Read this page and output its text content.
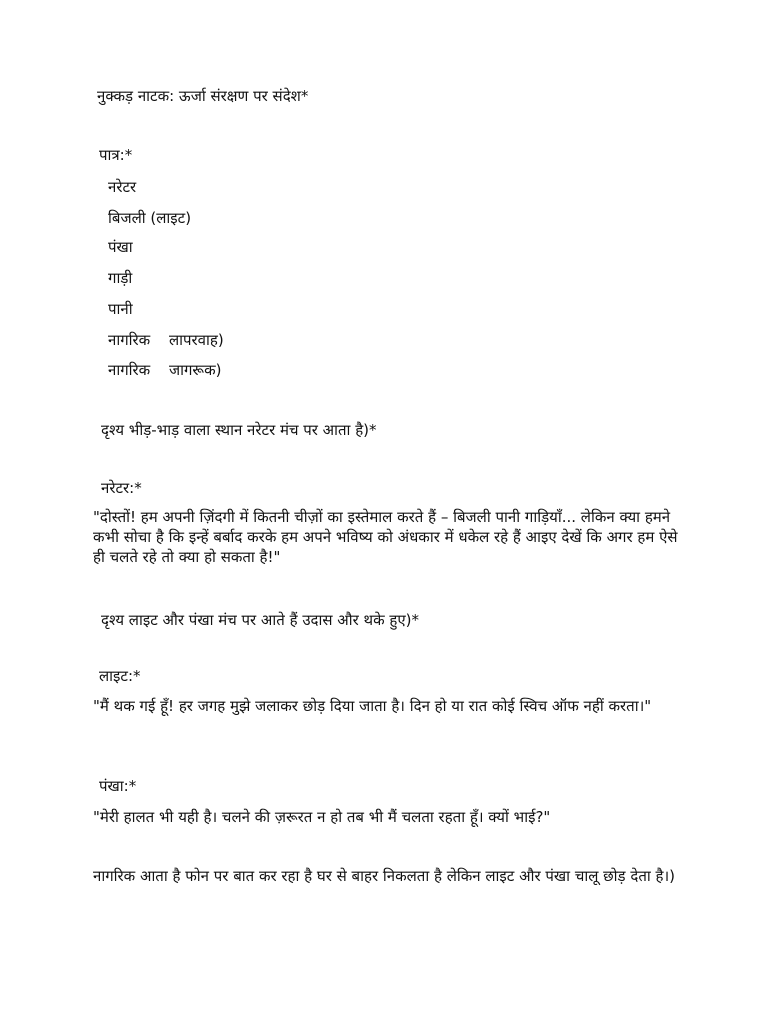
नुक्कड़ नाटक: ऊर्जा संरक्षण पर संदेश*
पात्र:*
नरेटर
बिजली (लाइट)
पंखा
गाड़ी
पानी
नागरिक लापरवाह)
नागरिक जागरूक)
दृश्य भीड़-भाड़ वाला स्थान नरेटर मंच पर आता है)*
नरेटर:*
"दोस्तों! हम अपनी ज़िंदगी में कितनी चीज़ों का इस्तेमाल करते हैं – बिजली पानी गाड़ियाँ... लेकिन क्या हमने कभी सोचा है कि इन्हें बर्बाद करके हम अपने भविष्य को अंधकार में धकेल रहे हैं आइए देखें कि अगर हम ऐसे ही चलते रहे तो क्या हो सकता है!"
दृश्य लाइट और पंखा मंच पर आते हैं उदास और थके हुए)*
लाइट:*
"मैं थक गई हूँ! हर जगह मुझे जलाकर छोड़ दिया जाता है। दिन हो या रात कोई स्विच ऑफ नहीं करता।"
पंखा:*
"मेरी हालत भी यही है। चलने की ज़रूरत न हो तब भी मैं चलता रहता हूँ। क्यों भाई?"
नागरिक आता है फोन पर बात कर रहा है घर से बाहर निकलता है लेकिन लाइट और पंखा चालू छोड़ देता है।)
